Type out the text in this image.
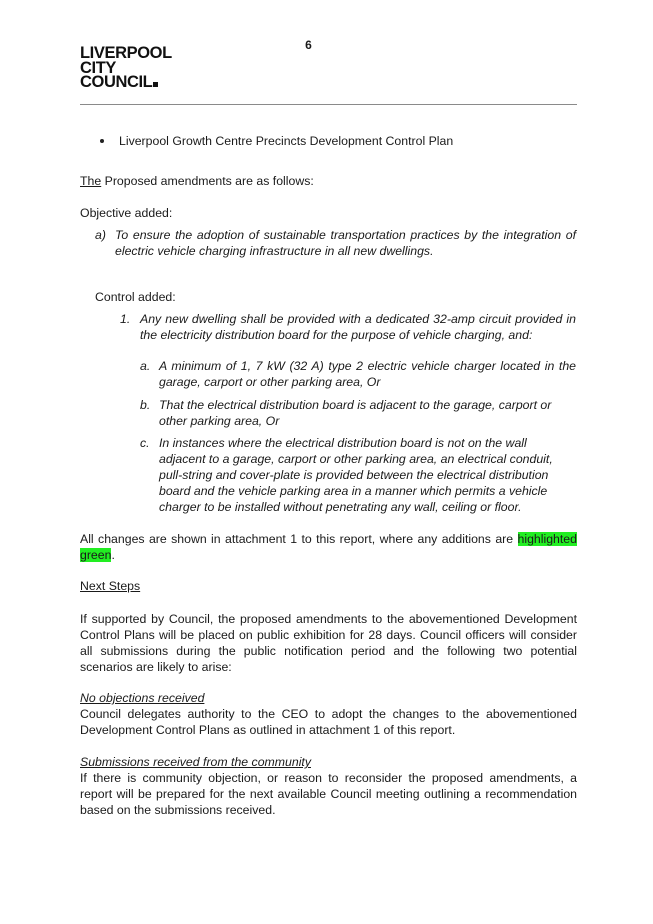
6
LIVERPOOL
CITY
COUNCIL

Liverpool Growth Centre Precincts Development Control Plan

The Proposed amendments are as follows:

Objective added:

a) To ensure the adoption of sustainable transportation practices by the integration of electric vehicle charging infrastructure in all new dwellings.

Control added:

1. Any new dwelling shall be provided with a dedicated 32-amp circuit provided in the electricity distribution board for the purpose of vehicle charging, and:

a. A minimum of 1, 7 kW (32 A) type 2 electric vehicle charger located in the garage, carport or other parking area, Or

b. That the electrical distribution board is adjacent to the garage, carport or other parking area, Or

c. In instances where the electrical distribution board is not on the wall adjacent to a garage, carport or other parking area, an electrical conduit, pull-string and cover-plate is provided between the electrical distribution board and the vehicle parking area in a manner which permits a vehicle charger to be installed without penetrating any wall, ceiling or floor.

All changes are shown in attachment 1 to this report, where any additions are highlighted green.

Next Steps

If supported by Council, the proposed amendments to the abovementioned Development Control Plans will be placed on public exhibition for 28 days. Council officers will consider all submissions during the public notification period and the following two potential scenarios are likely to arise:

No objections received

Council delegates authority to the CEO to adopt the changes to the abovementioned Development Control Plans as outlined in attachment 1 of this report.

Submissions received from the community

If there is community objection, or reason to reconsider the proposed amendments, a report will be prepared for the next available Council meeting outlining a recommendation based on the submissions received.
